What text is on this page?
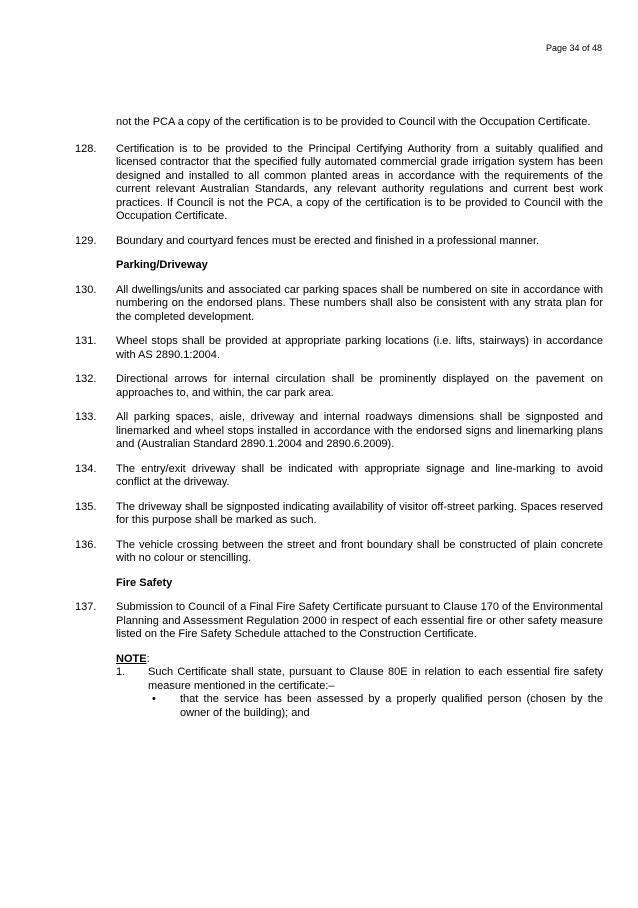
Page 34 of 48
not the PCA a copy of the certification is to be provided to Council with the Occupation Certificate.
128. Certification is to be provided to the Principal Certifying Authority from a suitably qualified and licensed contractor that the specified fully automated commercial grade irrigation system has been designed and installed to all common planted areas in accordance with the requirements of the current relevant Australian Standards, any relevant authority regulations and current best work practices. If Council is not the PCA, a copy of the certification is to be provided to Council with the Occupation Certificate.
129. Boundary and courtyard fences must be erected and finished in a professional manner.
Parking/Driveway
130. All dwellings/units and associated car parking spaces shall be numbered on site in accordance with numbering on the endorsed plans. These numbers shall also be consistent with any strata plan for the completed development.
131. Wheel stops shall be provided at appropriate parking locations (i.e. lifts, stairways) in accordance with AS 2890.1:2004.
132. Directional arrows for internal circulation shall be prominently displayed on the pavement on approaches to, and within, the car park area.
133. All parking spaces, aisle, driveway and internal roadways dimensions shall be signposted and linemarked and wheel stops installed in accordance with the endorsed signs and linemarking plans and (Australian Standard 2890.1.2004 and 2890.6.2009).
134. The entry/exit driveway shall be indicated with appropriate signage and line-marking to avoid conflict at the driveway.
135. The driveway shall be signposted indicating availability of visitor off-street parking. Spaces reserved for this purpose shall be marked as such.
136. The vehicle crossing between the street and front boundary shall be constructed of plain concrete with no colour or stencilling.
Fire Safety
137. Submission to Council of a Final Fire Safety Certificate pursuant to Clause 170 of the Environmental Planning and Assessment Regulation 2000 in respect of each essential fire or other safety measure listed on the Fire Safety Schedule attached to the Construction Certificate.
NOTE:
1. Such Certificate shall state, pursuant to Clause 80E in relation to each essential fire safety measure mentioned in the certificate:–
• that the service has been assessed by a properly qualified person (chosen by the owner of the building); and
